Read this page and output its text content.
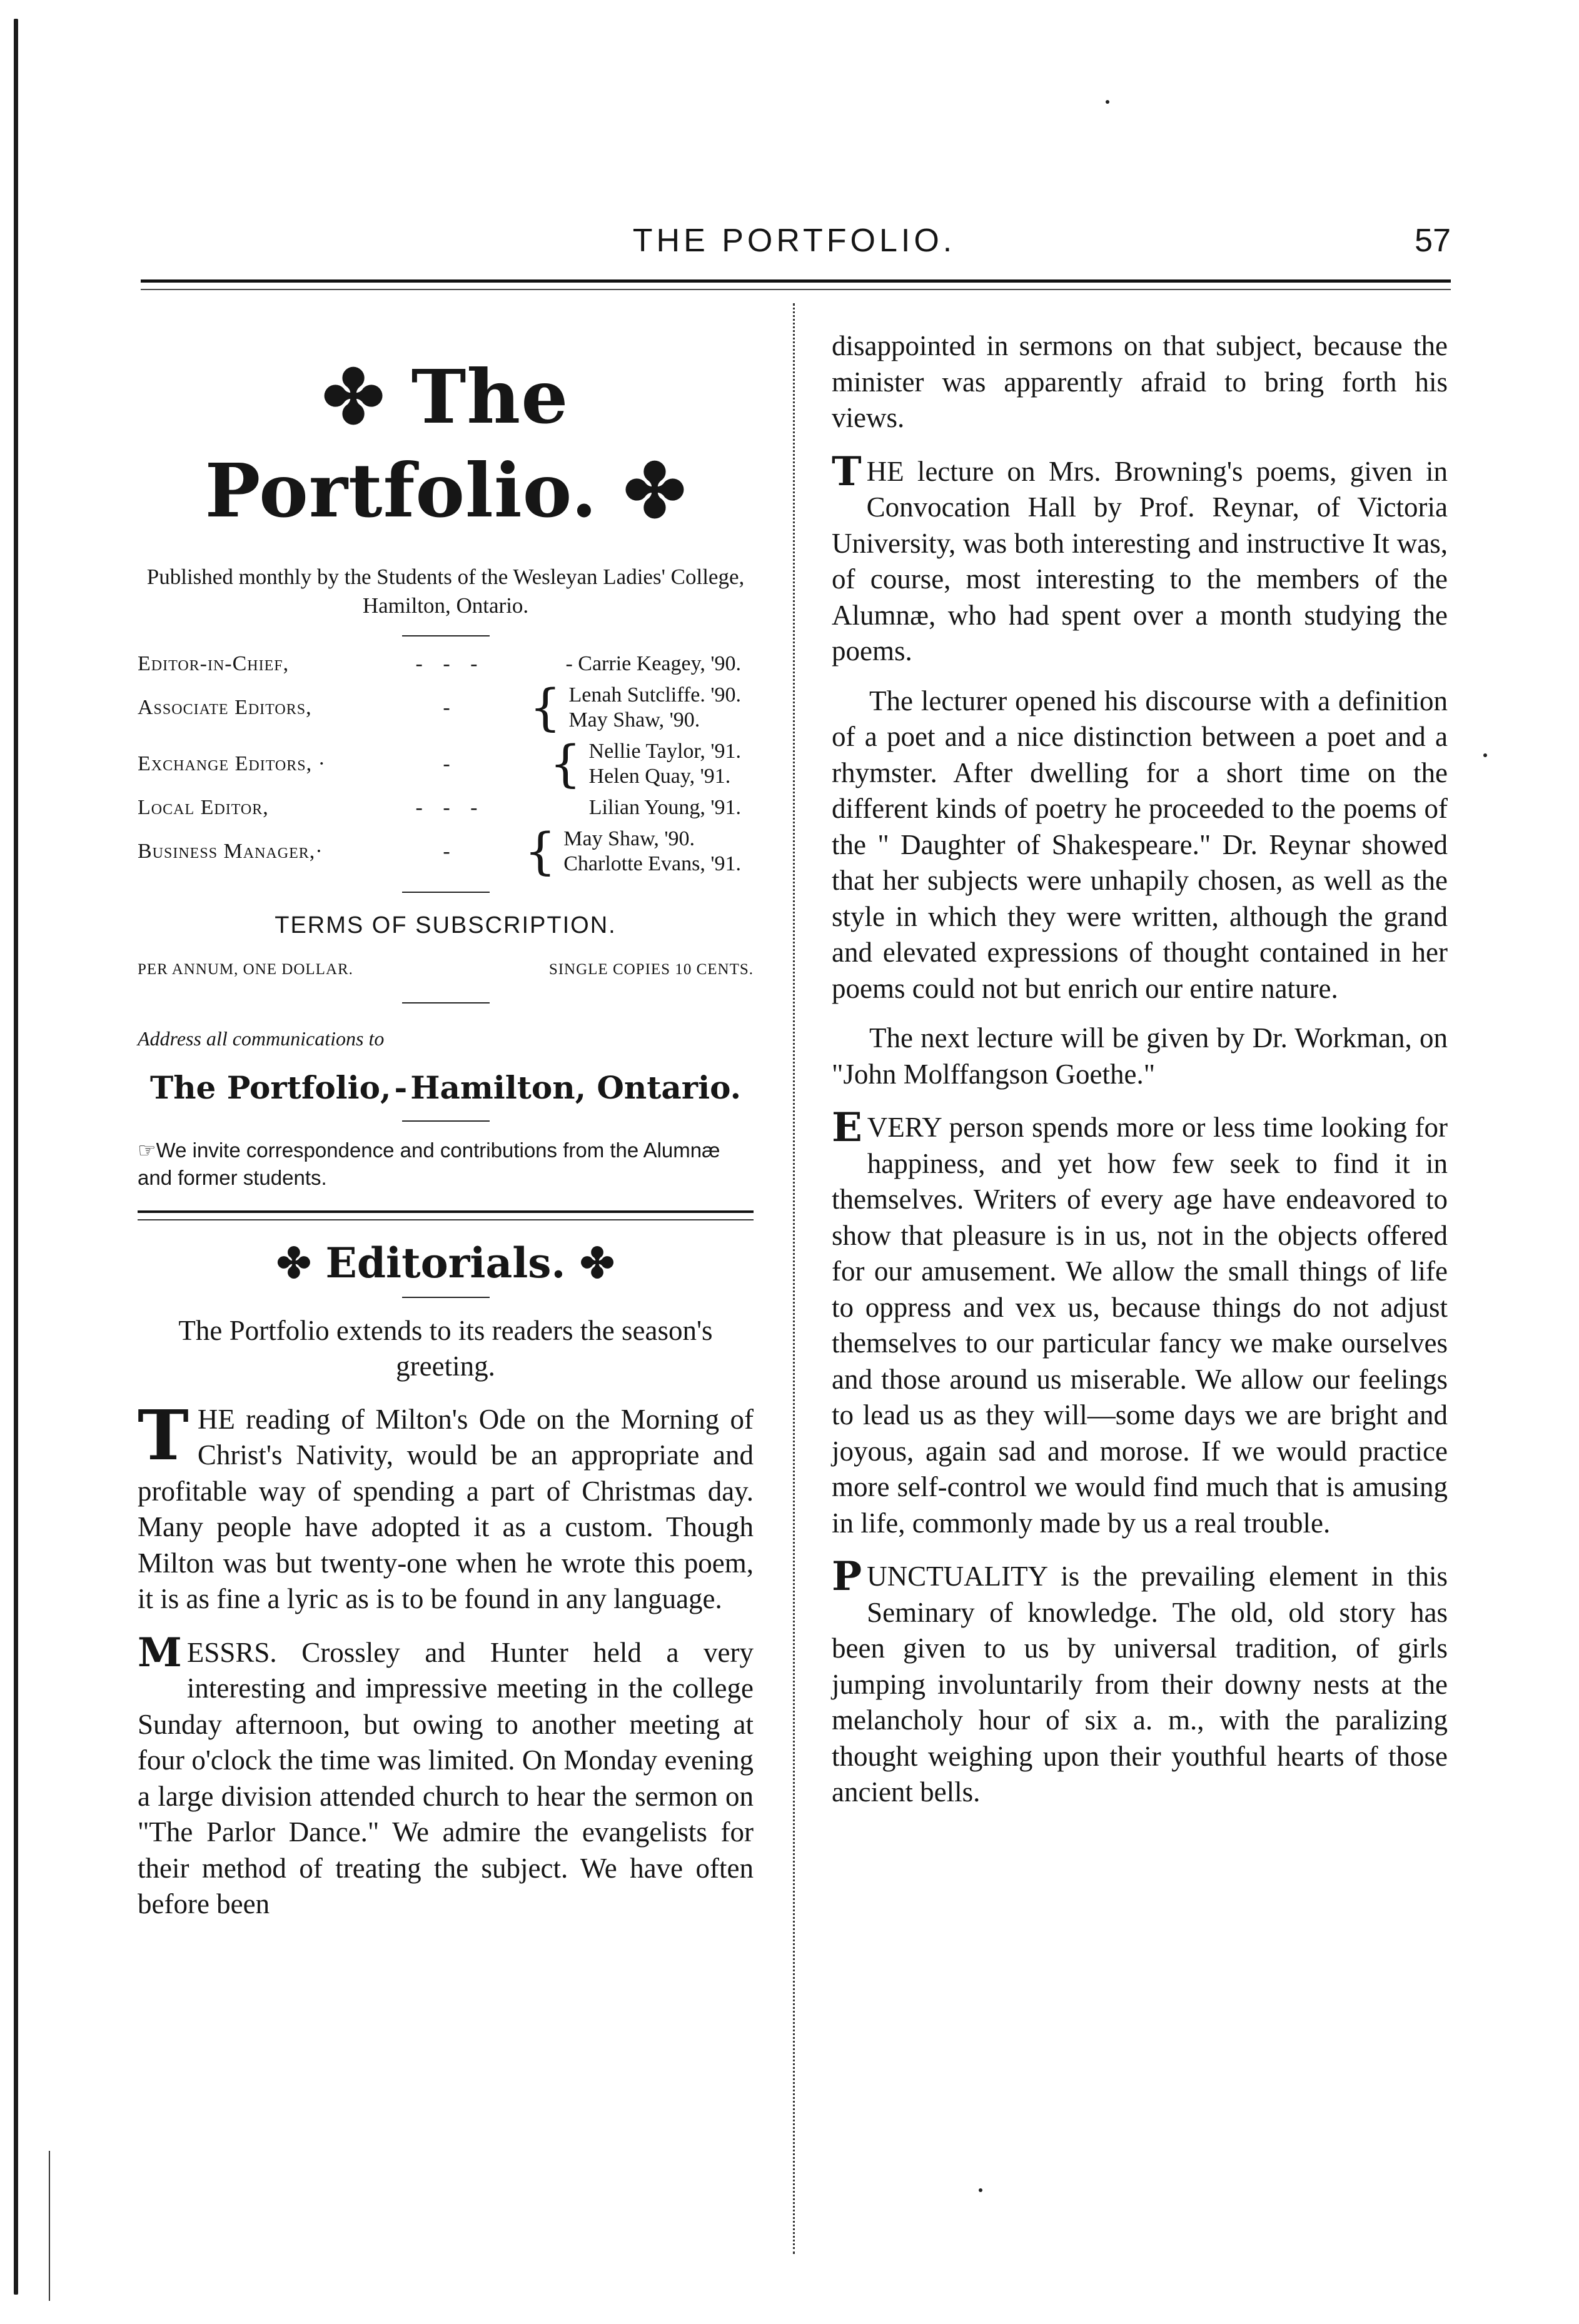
THE PORTFOLIO.	57
✤ The Portfolio. ✤
Published monthly by the Students of the Wesleyan Ladies' College, Hamilton, Ontario.
Editor-in-Chief,	- - -	- Carrie Keagey, '90.
Associate Editors,	-	{ Lenah Sutcliffe. '90.
May Shaw, '90.
Exchange Editors, ·	-	{ Nellie Taylor, '91.
Helen Quay, '91.
Local Editor,	- - -	Lilian Young, '91.
Business Manager,·	-	{ May Shaw, '90.
Charlotte Evans, '91.
TERMS OF SUBSCRIPTION.
PER ANNUM, ONE DOLLAR.	SINGLE COPIES 10 CENTS.
Address all communications to
The Portfolio, - Hamilton, Ontario.
☞We invite correspondence and contributions from the Alumnæ and former students.
✤ Editorials. ✤
The Portfolio extends to its readers the season's greeting.

THE reading of Milton's Ode on the Morning of Christ's Nativity, would be an appropriate and profitable way of spending a part of Christmas day. Many people have adopted it as a custom. Though Milton was but twenty-one when he wrote this poem, it is as fine a lyric as is to be found in any language.

M ESSRS. Crossley and Hunter held a very interesting and impressive meeting in the college Sunday afternoon, but owing to another meeting at four o'clock the time was limited. On Monday evening a large division attended church to hear the sermon on "The Parlor Dance." We admire the evangelists for their method of treating the subject. We have often before been

disappointed in sermons on that subject, because the minister was apparently afraid to bring forth his views.

T HE lecture on Mrs. Browning's poems, given in Convocation Hall by Prof. Reynar, of Victoria University, was both interesting and instructive It was, of course, most interesting to the members of the Alumnæ, who had spent over a month studying the poems.

The lecturer opened his discourse with a definition of a poet and a nice distinction between a poet and a rhymster. After dwelling for a short time on the different kinds of poetry he proceeded to the poems of the " Daughter of Shakespeare." Dr. Reynar showed that her subjects were unhapily chosen, as well as the style in which they were written, although the grand and elevated expressions of thought contained in her poems could not but enrich our entire nature.

The next lecture will be given by Dr. Workman, on "John Molffangson Goethe."

E VERY person spends more or less time looking for happiness, and yet how few seek to find it in themselves. Writers of every age have endeavored to show that pleasure is in us, not in the objects offered for our amusement. We allow the small things of life to oppress and vex us, because things do not adjust themselves to our particular fancy we make ourselves and those around us miserable. We allow our feelings to lead us as they will—some days we are bright and joyous, again sad and morose. If we would practice more self-control we would find much that is amusing in life, commonly made by us a real trouble.

P UNCTUALITY is the prevailing element in this Seminary of knowledge. The old, old story has been given to us by universal tradition, of girls jumping involuntarily from their downy nests at the melancholy hour of six a. m., with the paralizing thought weighing upon their youthful hearts of those ancient bells.
